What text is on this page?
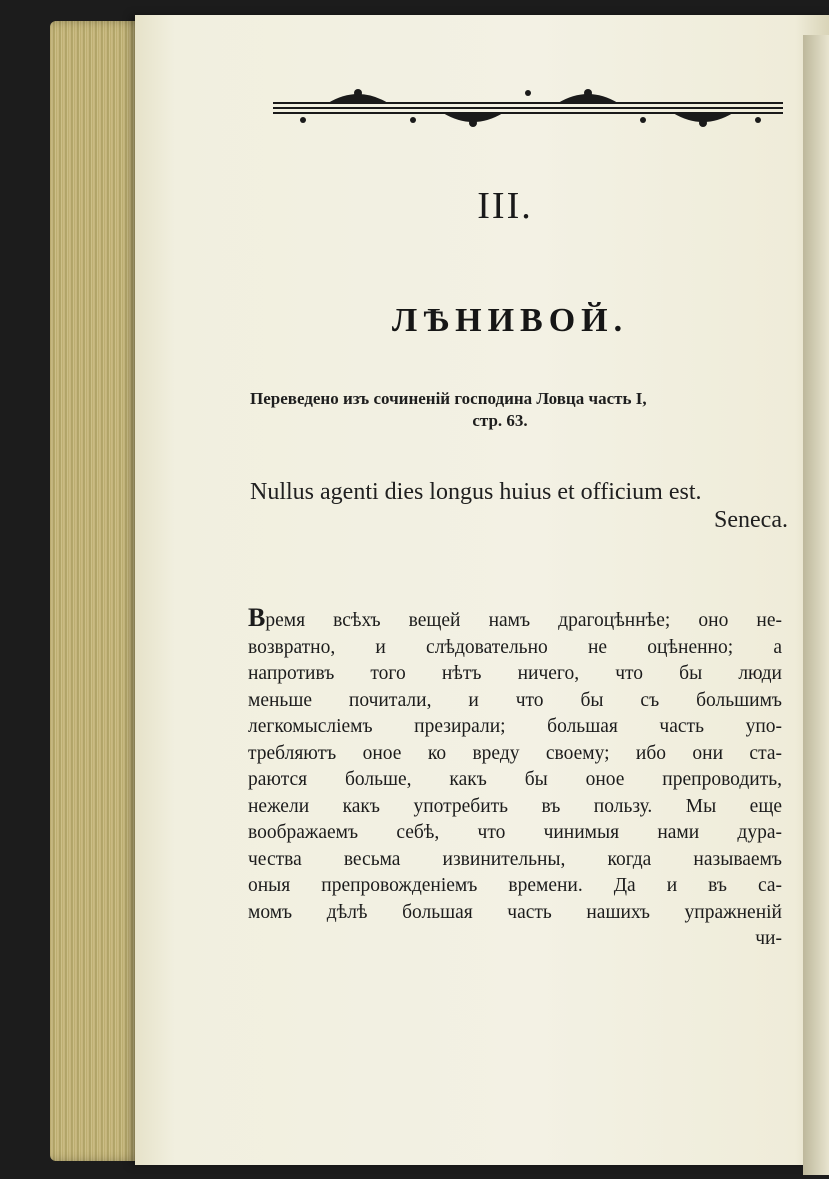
III.
ЛѢНИВОЙ.
Переведено изъ сочиненій господина Ловца часть I,
стр. 63.
Nullus agenti dies longus huius et officium est.
Seneca.
Время всѣхъ вещей намъ драгоцѣннѣе; оно не-
возвратно, и слѣдовательно не оцѣненно; а
напротивъ того нѣтъ ничего, что бы люди
меньше почитали, и что бы съ большимъ
легкомысліемъ презирали; большая часть упо-
требляютъ оное ко вреду своему; ибо они ста-
раются больше, какъ бы оное препроводить,
нежели какъ употребить въ пользу. Мы еще
воображаемъ себѣ, что чинимыя нами дура-
чества весьма извинительны, когда называемъ
оныя препровожденіемъ времени. Да и въ са-
момъ дѣлѣ большая часть нашихъ упражненій
чи-
